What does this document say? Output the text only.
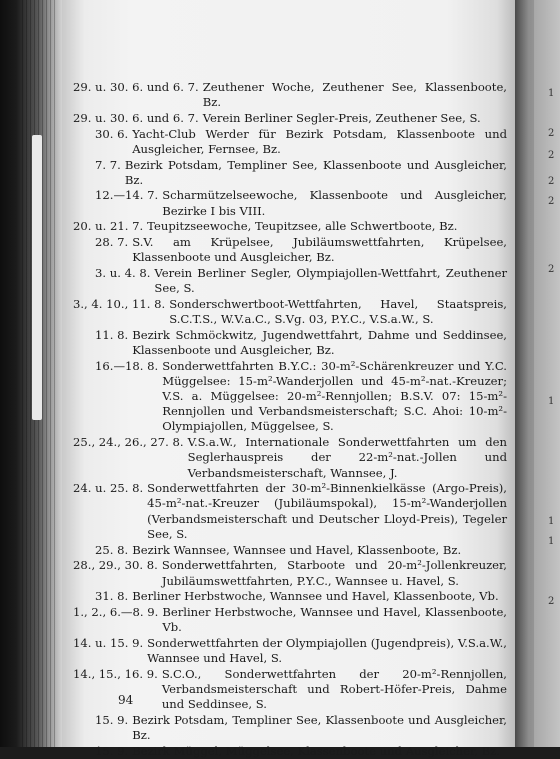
1
2
2
2
2
2
1
1
1
2
29. u. 30. 6. und 6. 7. Zeuthener Woche, Zeuthener See, Klassenboote, Bz.
29. u. 30. 6. und 6. 7. Verein Berliner Segler-Preis, Zeuthener See, S.
30. 6. Yacht-Club Werder für Bezirk Potsdam, Klassenboote und Ausgleicher, Fernsee, Bz.
7. 7. Bezirk Potsdam, Templiner See, Klassenboote und Ausgleicher, Bz.
12.—14. 7. Scharmützelseewoche, Klassenboote und Ausgleicher, Bezirke I bis VIII.
20. u. 21. 7. Teupitzseewoche, Teupitzsee, alle Schwertboote, Bz.
28. 7. S.V. am Krüpelsee, Jubiläumswettfahrten, Krüpelsee, Klassenboote und Ausgleicher, Bz.
3. u. 4. 8. Verein Berliner Segler, Olympiajollen-Wettfahrt, Zeuthener See, S.
3., 4. 10., 11. 8. Sonderschwertboot-Wettfahrten, Havel, Staatspreis, S.C.T.S., W.V.a.C., S.Vg. 03, P.Y.C., V.S.a.W., S.
11. 8. Bezirk Schmöckwitz, Jugendwettfahrt, Dahme und Seddinsee, Klassenboote und Ausgleicher, Bz.
16.—18. 8. Sonderwettfahrten B.Y.C.: 30-m²-Schärenkreuzer und Y.C. Müggelsee: 15-m²-Wanderjollen und 45-m²-nat.-Kreuzer; V.S. a. Müggelsee: 20-m²-Rennjollen; B.S.V. 07: 15-m²-Rennjollen und Verbandsmeisterschaft; S.C. Ahoi: 10-m²-Olympiajollen, Müggelsee, S.
25., 24., 26., 27. 8. V.S.a.W., Internationale Sonderwettfahrten um den Seglerhauspreis der 22-m²-nat.-Jollen und Verbandsmeisterschaft, Wannsee, J.
24. u. 25. 8. Sonderwettfahrten der 30-m²-Binnenkielkässe (Argo-Preis), 45-m²-nat.-Kreuzer (Jubiläumspokal), 15-m²-Wanderjollen (Verbandsmeisterschaft und Deutscher Lloyd-Preis), Tegeler See, S.
25. 8. Bezirk Wannsee, Wannsee und Havel, Klassenboote, Bz.
28., 29., 30. 8. Sonderwettfahrten, Starboote und 20-m²-Jollenkreuzer, Jubiläumswettfahrten, P.Y.C., Wannsee u. Havel, S.
31. 8. Berliner Herbstwoche, Wannsee und Havel, Klassenboote, Vb.
1., 2., 6.—8. 9. Berliner Herbstwoche, Wannsee und Havel, Klassenboote, Vb.
14. u. 15. 9. Sonderwettfahrten der Olympiajollen (Jugendpreis), V.S.a.W., Wannsee und Havel, S.
14., 15., 16. 9. S.C.O., Sonderwettfahrten der 20-m²-Rennjollen, Verbandsmeisterschaft und Robert-Höfer-Preis, Dahme und Seddinsee, S.
15. 9. Bezirk Potsdam, Templiner See, Klassenboote und Ausgleicher, Bz.
15. 9. Bezirk Müggel, Müggelsee, Klassenboote und Ausgleicher, Bz.
94
